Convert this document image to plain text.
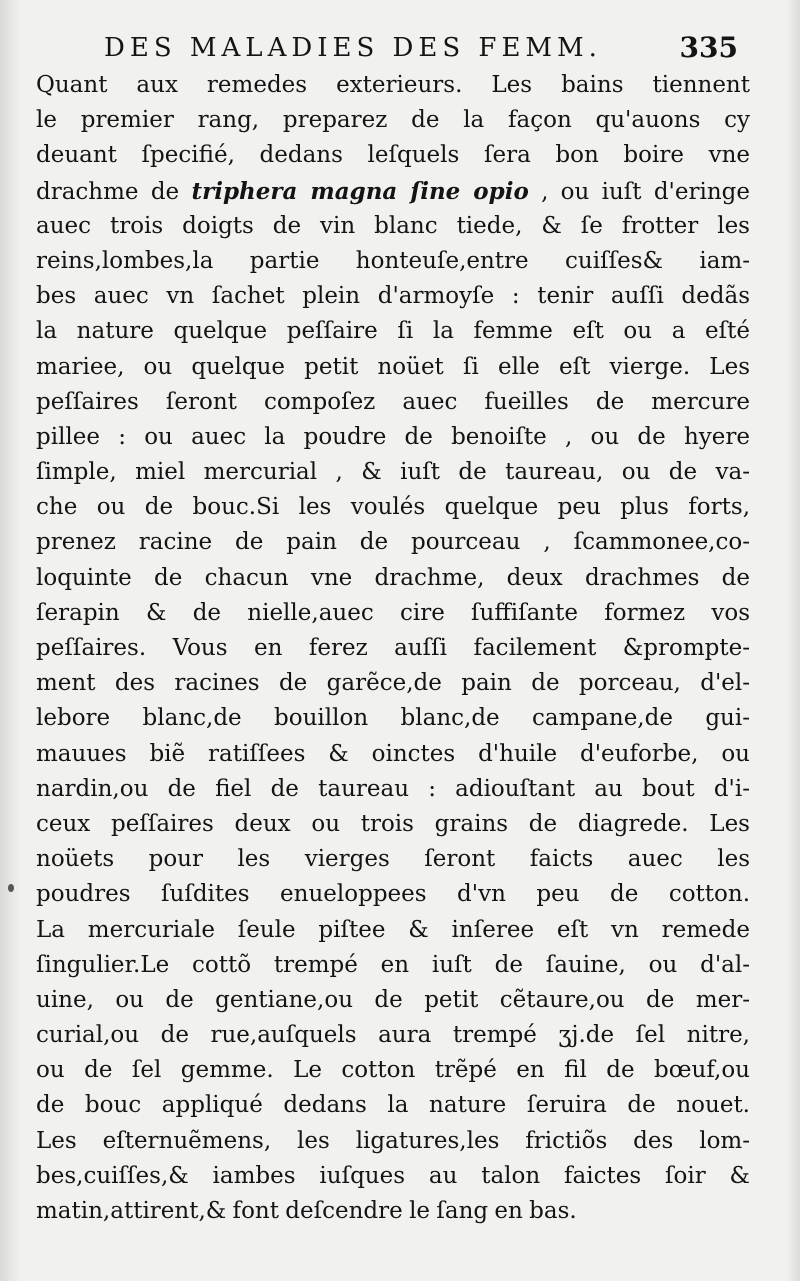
DES MALADIES DES FEMM.	335
Quant aux remedes exterieurs. Les bains tiennent
le premier rang, preparez de la façon qu'auons cy
deuant ſpecifié, dedans leſquels ſera bon boire vne
drachme de triphera magna ſine opio , ou iuſt d'eringe
auec trois doigts de vin blanc tiede, & ſe frotter les
reins,lombes,la partie honteuſe,entre cuiſſes& iam-
bes auec vn ſachet plein d'armoyſe : tenir auſſi dedãs
la nature quelque peſſaire ſi la femme eſt ou a eſté
mariee, ou quelque petit noüet ſi elle eſt vierge. Les
peſſaires ſeront compoſez auec fueilles de mercure
pillee : ou auec la poudre de benoiſte , ou de hyere
ſimple, miel mercurial , & iuſt de taureau, ou de va-
che ou de bouc.Si les voulés quelque peu plus forts,
prenez racine de pain de pourceau , ſcammonee,co-
loquinte de chacun vne drachme, deux drachmes de
ſerapin & de nielle,auec cire ſuffiſante formez vos
peſſaires. Vous en ferez auſſi facilement &prompte-
ment des racines de garẽce,de pain de porceau, d'el-
lebore blanc,de bouillon blanc,de campane,de gui-
mauues biẽ ratiſſees & oinctes d'huile d'euforbe, ou
nardin,ou de fiel de taureau : adiouſtant au bout d'i-
ceux peſſaires deux ou trois grains de diagrede. Les
noüets pour les vierges ſeront faicts auec les
poudres ſuſdites enueloppees d'vn peu de cotton.
La mercuriale ſeule piſtee & inſeree eſt vn remede
ſingulier.Le cottõ trempé en iuſt de ſauine, ou d'al-
uine, ou de gentiane,ou de petit cẽtaure,ou de mer-
curial,ou de rue,auſquels aura trempé ʒj.de ſel nitre,
ou de ſel gemme. Le cotton trẽpé en fil de bœuf,ou
de bouc appliqué dedans la nature ſeruira de nouet.
Les eſternuẽmens, les ligatures,les frictiõs des lom-
bes,cuiſſes,& iambes iuſques au talon faictes ſoir &
matin,attirent,& font deſcendre le ſang en bas.
